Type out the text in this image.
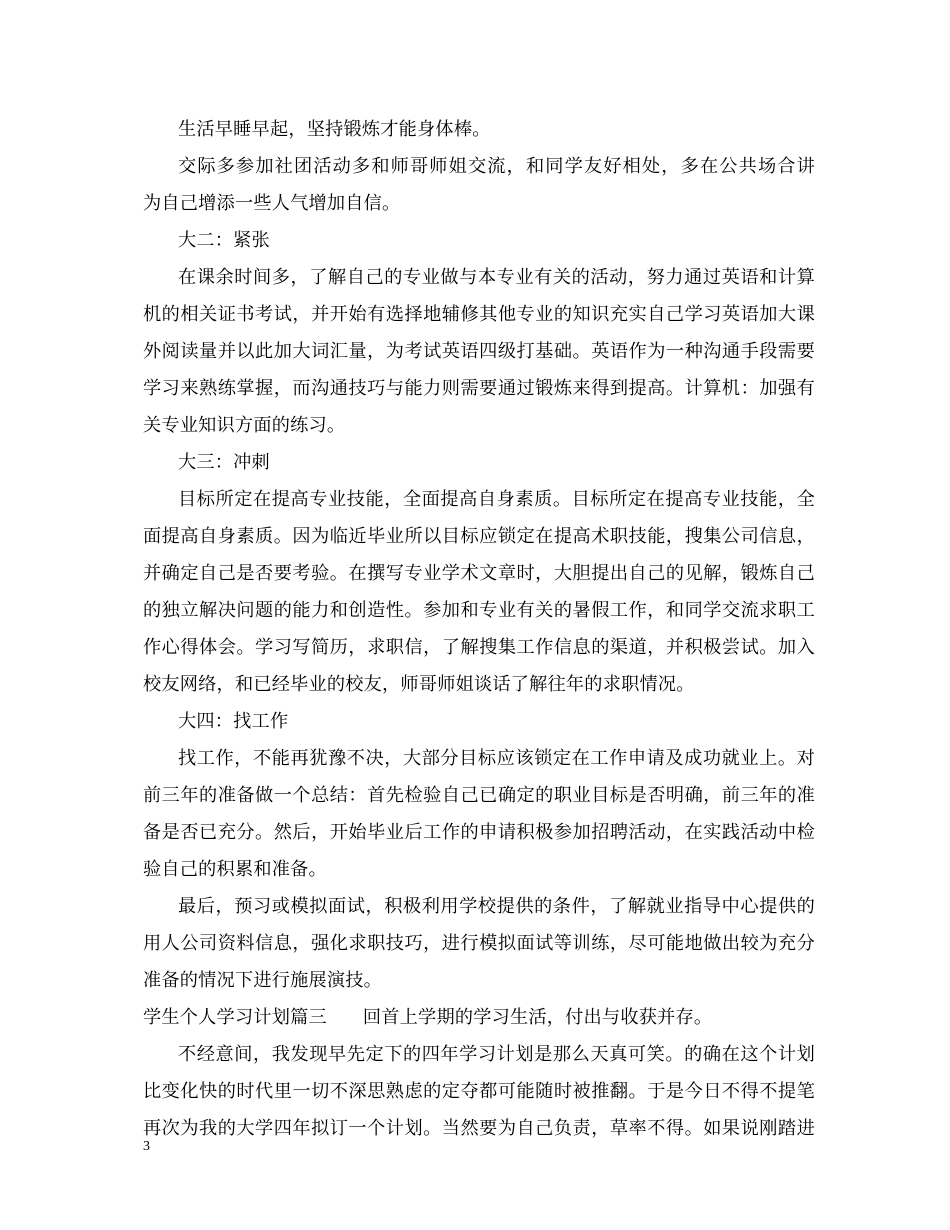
生活早睡早起，坚持锻炼才能身体棒。
交际多参加社团活动多和师哥师姐交流，和同学友好相处，多在公共场合讲
为自己增添一些人气增加自信。
大二：紧张
在课余时间多，了解自己的专业做与本专业有关的活动，努力通过英语和计算
机的相关证书考试，并开始有选择地辅修其他专业的知识充实自己学习英语加大课
外阅读量并以此加大词汇量，为考试英语四级打基础。英语作为一种沟通手段需要
学习来熟练掌握，而沟通技巧与能力则需要通过锻炼来得到提高。计算机：加强有
关专业知识方面的练习。
大三：冲刺
目标所定在提高专业技能，全面提高自身素质。目标所定在提高专业技能，全
面提高自身素质。因为临近毕业所以目标应锁定在提高术职技能，搜集公司信息，
并确定自己是否要考验。在撰写专业学术文章时，大胆提出自己的见解，锻炼自己
的独立解决问题的能力和创造性。参加和专业有关的暑假工作，和同学交流求职工
作心得体会。学习写简历，求职信，了解搜集工作信息的渠道，并积极尝试。加入
校友网络，和已经毕业的校友，师哥师姐谈话了解往年的求职情况。
大四：找工作
找工作，不能再犹豫不决，大部分目标应该锁定在工作申请及成功就业上。对
前三年的准备做一个总结：首先检验自己已确定的职业目标是否明确，前三年的准
备是否已充分。然后，开始毕业后工作的申请积极参加招聘活动，在实践活动中检
验自己的积累和准备。
最后，预习或模拟面试，积极利用学校提供的条件，了解就业指导中心提供的
用人公司资料信息，强化求职技巧，进行模拟面试等训练，尽可能地做出较为充分
准备的情况下进行施展演技。
学生个人学习计划篇三 回首上学期的学习生活，付出与收获并存。
不经意间，我发现早先定下的四年学习计划是那么天真可笑。的确在这个计划
比变化快的时代里一切不深思熟虑的定夺都可能随时被推翻。于是今日不得不提笔
再次为我的大学四年拟订一个计划。当然要为自己负责，草率不得。如果说刚踏进
3
